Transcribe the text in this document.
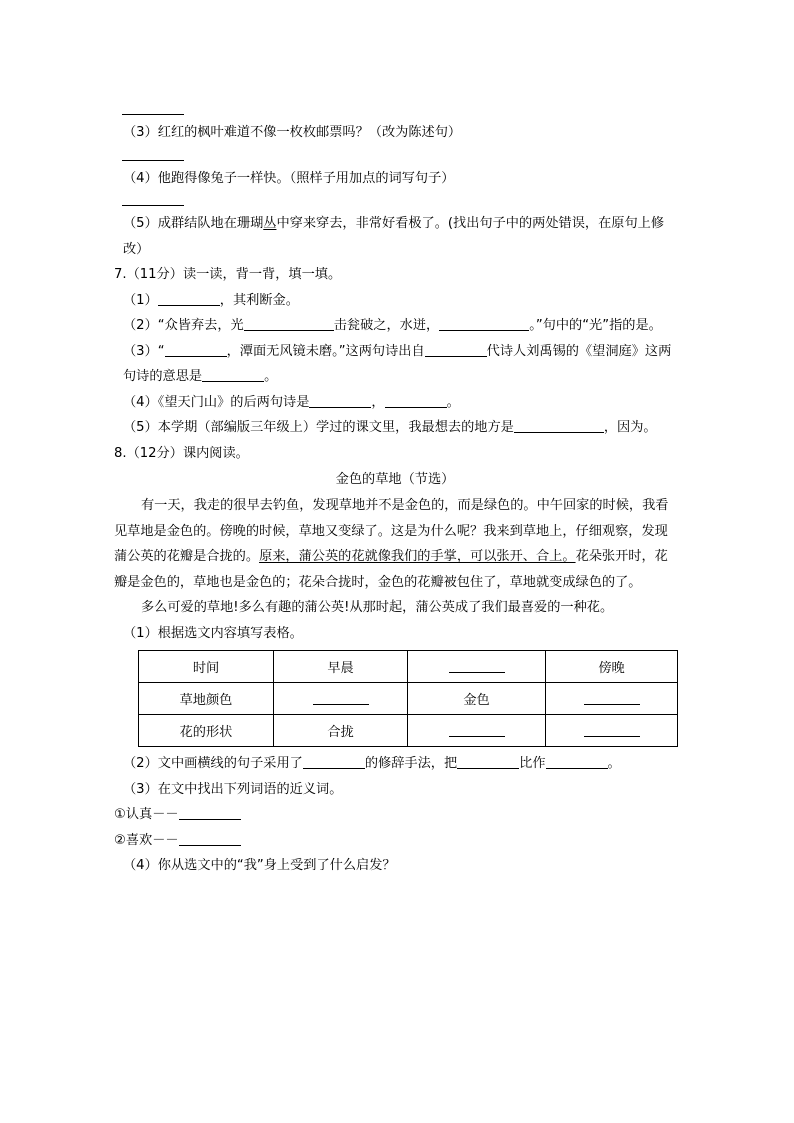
（3）红红的枫叶难道不像一枚枚邮票吗？（改为陈述句）
（4）他跑得像兔子一样快。（照样子用加点的词写句子）
（5）成群结队地在珊瑚丛中穿来穿去，非常好看极了。(找出句子中的两处错误，在原句上修改）
7.（11分）读一读，背一背，填一填。
（1）	，其利断金。
（2）“众皆弃去，光	击瓮破之，水迸，	。”句中的“光”指的是。
（3）“	，潭面无风镜未磨。”这两句诗出自	代诗人刘禹锡的《望洞庭》这两句诗的意思是	。
（4）《望天门山》的后两句诗是	，	。
（5）本学期（部编版三年级上）学过的课文里，我最想去的地方是	，因为。
8.（12分）课内阅读。
金色的草地（节选）
有一天，我走的很早去钓鱼，发现草地并不是金色的，而是绿色的。中午回家的时候，我看见草地是金色的。傍晚的时候，草地又变绿了。这是为什么呢？我来到草地上，仔细观察，发现蒲公英的花瓣是合拢的。原来，蒲公英的花就像我们的手掌，可以张开、合上。花朵张开时，花瓣是金色的，草地也是金色的；花朵合拢时，金色的花瓣被包住了，草地就变成绿色的了。
多么可爱的草地!多么有趣的蒲公英!从那时起，蒲公英成了我们最喜爱的一种花。
（1）根据选文内容填写表格。
时间	早晨		傍晚
草地颜色		金色	
花的形状	合拢		
（2）文中画横线的句子采用了	的修辞手法，把	比作	。
（3）在文中找出下列词语的近义词。
①认真－－
②喜欢－－
（4）你从选文中的“我”身上受到了什么启发？
